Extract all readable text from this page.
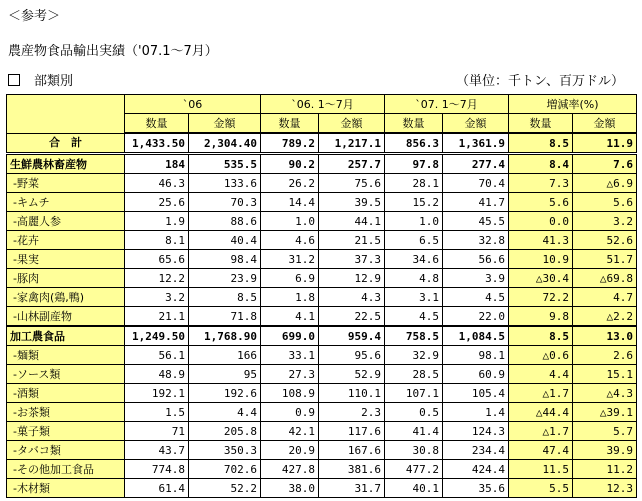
＜参考＞
農産物食品輸出実績（'07.1～7月）
部類別	（単位：千トン、百万ドル）
	`06		`06. 1～7月		`07. 1～7月		増減率(%)	
	数量	金額	数量	金額	数量	金額	数量	金額
合　計	1,433.50	2,304.40	789.2	1,217.1	856.3	1,361.9	8.5	11.9
生鮮農林畜産物	184	535.5	90.2	257.7	97.8	277.4	8.4	7.6
-野菜	46.3	133.6	26.2	75.6	28.1	70.4	7.3	△6.9
-キムチ	25.6	70.3	14.4	39.5	15.2	41.7	5.6	5.6
-高麗人参	1.9	88.6	1.0	44.1	1.0	45.5	0.0	3.2
-花卉	8.1	40.4	4.6	21.5	6.5	32.8	41.3	52.6
-果実	65.6	98.4	31.2	37.3	34.6	56.6	10.9	51.7
-豚肉	12.2	23.9	6.9	12.9	4.8	3.9	△30.4	△69.8
-家禽肉(鶏,鴨)	3.2	8.5	1.8	4.3	3.1	4.5	72.2	4.7
-山林副産物	21.1	71.8	4.1	22.5	4.5	22.0	9.8	△2.2
加工農食品	1,249.50	1,768.90	699.0	959.4	758.5	1,084.5	8.5	13.0
-麺類	56.1	166	33.1	95.6	32.9	98.1	△0.6	2.6
-ソース類	48.9	95	27.3	52.9	28.5	60.9	4.4	15.1
-酒類	192.1	192.6	108.9	110.1	107.1	105.4	△1.7	△4.3
-お茶類	1.5	4.4	0.9	2.3	0.5	1.4	△44.4	△39.1
-菓子類	71	205.8	42.1	117.6	41.4	124.3	△1.7	5.7
-タバコ類	43.7	350.3	20.9	167.6	30.8	234.4	47.4	39.9
-その他加工食品	774.8	702.6	427.8	381.6	477.2	424.4	11.5	11.2
-木材類	61.4	52.2	38.0	31.7	40.1	35.6	5.5	12.3
